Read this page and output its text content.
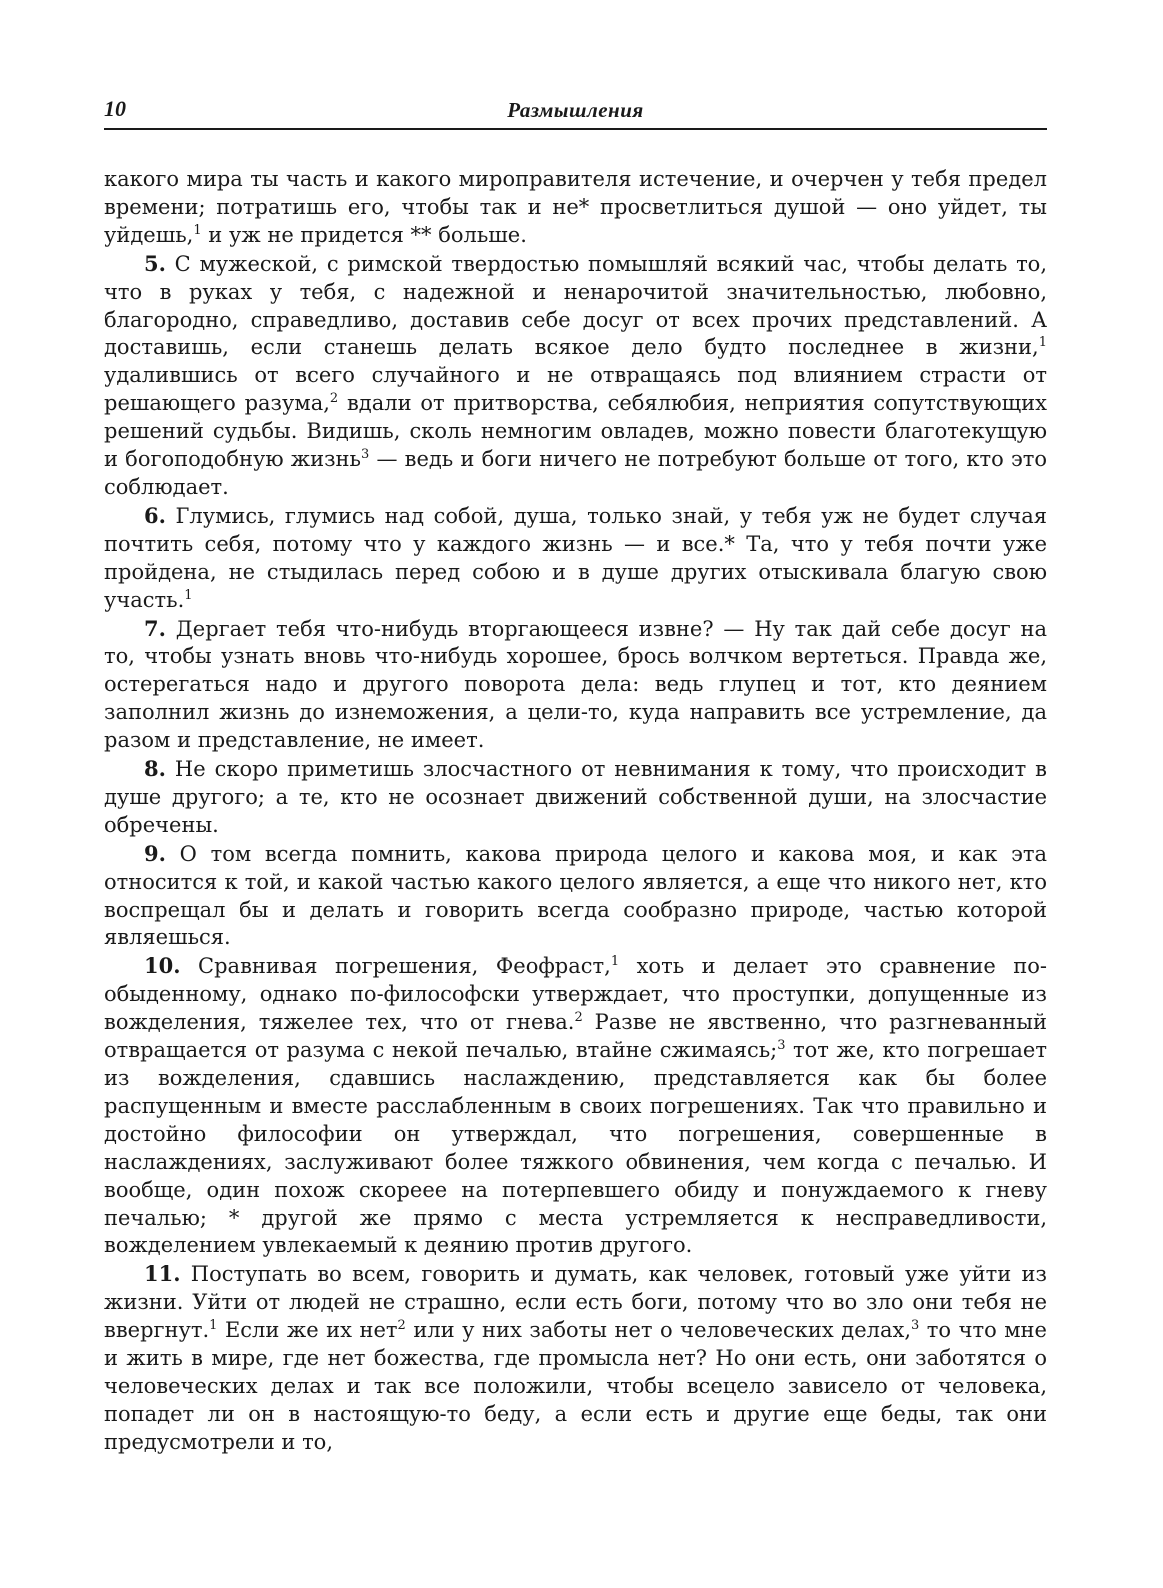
10	Размышления

какого мира ты часть и какого мироправителя истечение, и очерчен у тебя предел времени; потратишь его, чтобы так и не* просветлиться душой — оно уйдет, ты уйдешь,$^1$ и уж не придется ** больше.

5. С мужеской, с римской твердостью помышляй всякий час, чтобы делать то, что в руках у тебя, с надежной и ненарочитой значительностью, любовно, благородно, справедливо, доставив себе досуг от всех прочих представлений. А доставишь, если станешь делать всякое дело будто последнее в жизни,$^1$ удалившись от всего случайного и не отвращаясь под влиянием страсти от решающего разума,$^2$ вдали от притворства, себялюбия, неприятия сопутствующих решений судьбы. Видишь, сколь немногим овладев, можно повести благотекущую и богоподобную жизнь$^3$ — ведь и боги ничего не потребуют больше от того, кто это соблюдает.

6. Глумись, глумись над собой, душа, только знай, у тебя уж не будет случая почтить себя, потому что у каждого жизнь — и все.* Та, что у тебя почти уже пройдена, не стыдилась перед собою и в душе других отыскивала благую свою участь.$^1$

7. Дергает тебя что-нибудь вторгающееся извне? — Ну так дай себе досуг на то, чтобы узнать вновь что-нибудь хорошее, брось волчком вертеться. Правда же, остерегаться надо и другого поворота дела: ведь глупец и тот, кто деянием заполнил жизнь до изнеможения, а цели-то, куда направить все устремление, да разом и представление, не имеет.

8. Не скоро приметишь злосчастного от невнимания к тому, что происходит в душе другого; а те, кто не осознает движений собственной души, на злосчастие обречены.

9. О том всегда помнить, какова природа целого и какова моя, и как эта относится к той, и какой частью какого целого является, а еще что никого нет, кто воспрещал бы и делать и говорить всегда сообразно природе, частью которой являешься.

10. Сравнивая погрешения, Феофраст,$^1$ хоть и делает это сравнение по-обыденному, однако по-философски утверждает, что проступки, допущенные из вожделения, тяжелее тех, что от гнева.$^2$ Разве не явственно, что разгневанный отвращается от разума с некой печалью, втайне сжимаясь;$^3$ тот же, кто погрешает из вожделения, сдавшись наслаждению, представляется как бы более распущенным и вместе расслабленным в своих погрешениях. Так что правильно и достойно философии он утверждал, что погрешения, совершенные в наслаждениях, заслуживают более тяжкого обвинения, чем когда с печалью. И вообще, один похож скореее на потерпевшего обиду и понуждаемого к гневу печалью; * другой же прямо с места устремляется к несправедливости, вожделением увлекаемый к деянию против другого.

11. Поступать во всем, говорить и думать, как человек, готовый уже уйти из жизни. Уйти от людей не страшно, если есть боги, потому что во зло они тебя не ввергнут.$^1$ Если же их нет$^2$ или у них заботы нет о человеческих делах,$^3$ то что мне и жить в мире, где нет божества, где промысла нет? Но они есть, они заботятся о человеческих делах и так все положили, чтобы всецело зависело от человека, попадет ли он в настоящую-то беду, а если есть и другие еще беды, так они предусмотрели и то,
